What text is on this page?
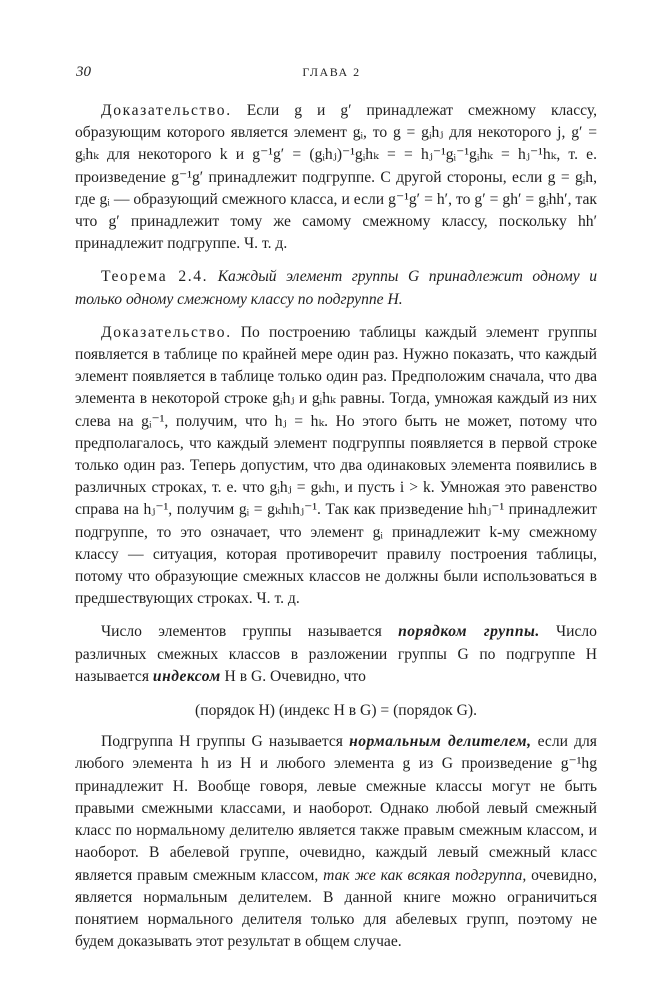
30	ГЛАВА 2

Доказательство. Если g и g′ принадлежат смежному классу, образующим которого является элемент gᵢ, то g = gᵢhⱼ для некоторого j, g′ = gᵢhₖ для некоторого k и g⁻¹g′ = (gᵢhⱼ)⁻¹gᵢhₖ = = hⱼ⁻¹gᵢ⁻¹gᵢhₖ = hⱼ⁻¹hₖ, т. е. произведение g⁻¹g′ принадлежит подгруппе. С другой стороны, если g = gᵢh, где gᵢ — образующий смежного класса, и если g⁻¹g′ = h′, то g′ = gh′ = gᵢhh′, так что g′ принадлежит тому же самому смежному классу, поскольку hh′ принадлежит подгруппе. Ч. т. д.

Теорема 2.4. Каждый элемент группы G принадлежит одному и только одному смежному классу по подгруппе H.

Доказательство. По построению таблицы каждый элемент группы появляется в таблице по крайней мере один раз. Нужно показать, что каждый элемент появляется в таблице только один раз. Предположим сначала, что два элемента в некоторой строке gᵢhⱼ и gᵢhₖ равны. Тогда, умножая каждый из них слева на gᵢ⁻¹, получим, что hⱼ = hₖ. Но этого быть не может, потому что предполагалось, что каждый элемент подгруппы появляется в первой строке только один раз. Теперь допустим, что два одинаковых элемента появились в различных строках, т. е. что gᵢhⱼ = gₖhₗ, и пусть i > k. Умножая это равенство справа на hⱼ⁻¹, получим gᵢ = gₖhₗhⱼ⁻¹. Так как призведение hₗhⱼ⁻¹ принадлежит подгруппе, то это означает, что элемент gᵢ принадлежит k-му смежному классу — ситуация, которая противоречит правилу построения таблицы, потому что образующие смежных классов не должны были использоваться в предшествующих строках. Ч. т. д.

Число элементов группы называется порядком группы. Число различных смежных классов в разложении группы G по подгруппе H называется индексом H в G. Очевидно, что

(порядок H) (индекс H в G) = (порядок G).

Подгруппа H группы G называется нормальным делителем, если для любого элемента h из H и любого элемента g из G произведение g⁻¹hg принадлежит H. Вообще говоря, левые смежные классы могут не быть правыми смежными классами, и наоборот. Однако любой левый смежный класс по нормальному делителю является также правым смежным классом, и наоборот. В абелевой группе, очевидно, каждый левый смежный класс является правым смежным классом, так же как всякая подгруппа, очевидно, является нормальным делителем. В данной книге можно ограничиться понятием нормального делителя только для абелевых групп, поэтому не будем доказывать этот результат в общем случае.
